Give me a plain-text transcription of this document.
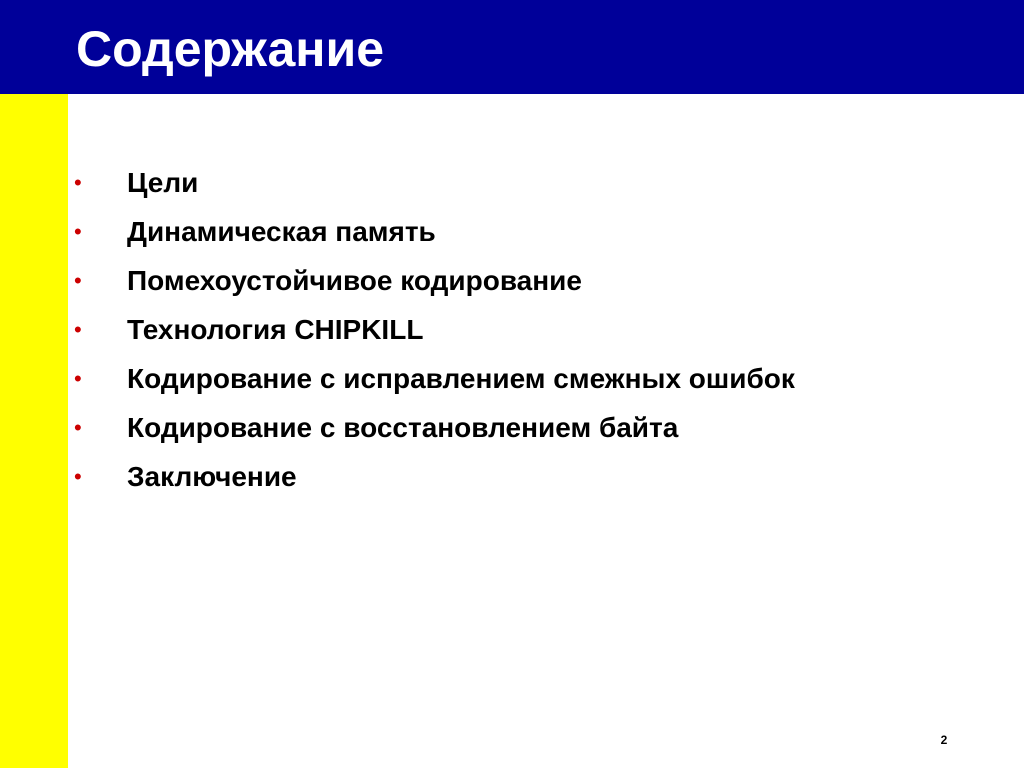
Содержание
• Цели
• Динамическая память
• Помехоустойчивое кодирование
• Технология CHIPKILL
• Кодирование с исправлением смежных ошибок
• Кодирование с восстановлением байта
• Заключение
2
